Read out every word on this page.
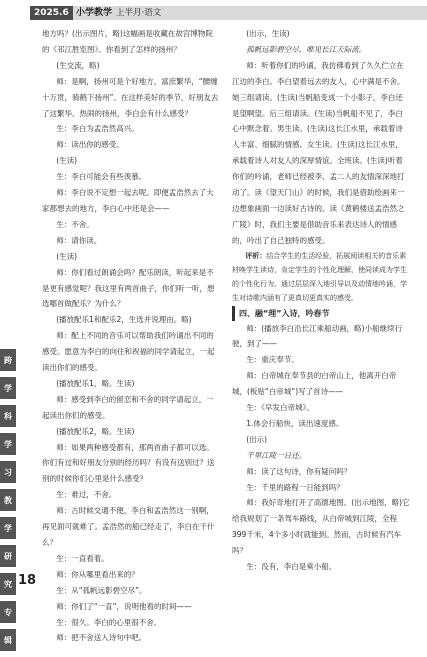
2025.6 小学教学 上半月·语文

地方吗？(出示图片，略)这幅画是收藏在故宫博物院的《邗江胜览图》。你看到了怎样的扬州？

(生交流，略)

师：是啊，扬州可是个好地方，富庶繁华，“腰缠十万贯，骑鹤下扬州”。在这样美好的季节，好朋友去了这繁华、热闹的扬州，李白会有什么感受？

生：李白为孟浩然高兴。

师：读出你的感受。

(生读)

生：李白可能会有些羡慕。

师：李白说不定想一起去呢。即便孟浩然去了大家都想去的地方，李白心中还是会——

生：不舍。

师：请你读。

(生读)

师：你们看过朗诵会吗？配乐朗读，听起来是不是更有感觉呢？我这里有两首曲子，你们听一听，想选哪首做配乐？为什么？

(播放配乐1和配乐2，生选并说理由。略)

师：配上不同的音乐可以帮助我们吟诵出不同的感受。愿意为李白的向往和祝福的同学请起立，一起读出你们的感受。

(播放配乐1，略。生读)

师：感受到李白的留恋和不舍的同学请起立，一起读出你们的感受。

(播放配乐2，略。生读)

师：如果两种感受都有，那两首曲子都可以选。你们有过和好朋友分别的经历吗？有没有送别过？送别的时候你们心里是什么感受？

生：难过，不舍。

师：古时候交通不便，李白和孟浩然这一别啊，再见面可就难了。孟浩然的船已经走了，李白在干什么？

生：一直看着。

师：你从哪里看出来的？

生：从“孤帆远影碧空尽”。

师：你们了“一直”，说明他看的时间——

生：很久。李白的心里很不舍。

师：把不舍送入诗句中吧。

(出示，生读)

孤帆远影碧空尽，唯见长江天际流。

师：听着你们的吟诵，我仿佛看到了久久伫立在江边的李白。李白望着远去的友人，心中满是不舍。她三组请读。(生读)当帆船变成一个小影子，李白还是望啊望。后三组请读。(生读)当帆船不见了，李白心中默念着。男生读。(生读)这长江水里，承载着诗人丰富、细腻的情感。女生读。(生读)这长江水里，承载着诗人对友人的深厚情谊。全班读。(生读)听着你们的吟诵，老师已经被李、孟二人的友情深深地打动了。读《望天门山》的时候，我们是借助绘画来一边想象画面一边读好古诗的。读《黄鹤楼送孟浩然之广陵》时，我们主要是借助音乐来表达诗人的情感的，吟出了自己独特的感受。

评析：结合学生的生活经验，拓展阅读相关的音乐素材唤学生读诗，肯定学生的个性化理解，使同读成为学生的个性化行为。通过层层深入地引导以及动情地吟诵，学生对诗歌内涵有了更真切更真实的感受。

四、融“理”入诗，吟春节

师：(播放李白沿长江乘船动画，略)小船继续行驶，到了——

生：重庆奉节。

师：白帝城在奉节县的白帝山上，他离开白帝城，(板贴“白帝城”)写了首诗——

生：《早发白帝城》。

1.体会行船快，读出速度感。

(出示)

千里江陵一日还。

师：读了这句诗，你有疑问吗？

生：千里的路程一日能到吗？

师：我好奇地打开了高德地图。(出示地图，略)它给我规划了一条驾车路线，从白帝城到江陵，全程399千米，4个多小时就能到。然而，古时候有汽车吗？

生：没有，李白是乘小船。

跨
学
科
学
习
教
学
研
究
专
辑
18
